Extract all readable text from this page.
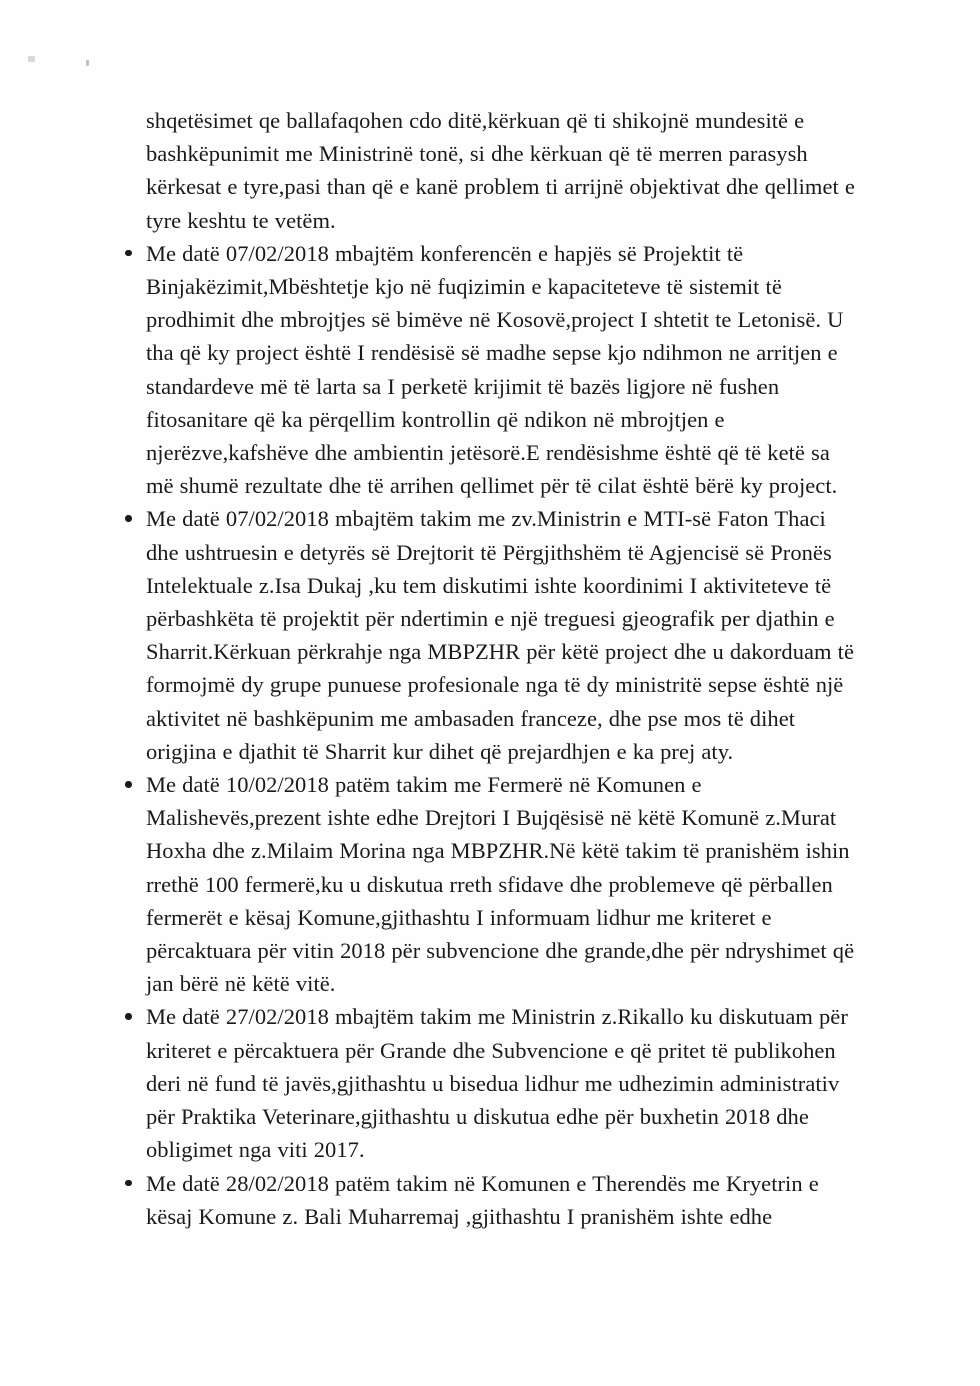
shqetësimet qe ballafaqohen cdo ditë,kërkuan që ti shikojnë mundesitë e bashkëpunimit me Ministrinë tonë, si dhe kërkuan që të merren parasysh kërkesat e tyre,pasi than që e kanë problem ti arrijnë objektivat dhe qellimet e tyre keshtu te vetëm.

Me datë 07/02/2018 mbajtëm konferencën e hapjës së Projektit të Binjakëzimit,Mbështetje kjo në fuqizimin e kapaciteteve të sistemit të prodhimit dhe mbrojtjes së bimëve në Kosovë,project I shtetit te Letonisë. U tha që ky project është I rendësisë së madhe sepse kjo ndihmon ne arritjen e standardeve më të larta sa I perketë krijimit të bazës ligjore në fushen fitosanitare që ka përqellim kontrollin që ndikon në mbrojtjen e njerëzve,kafshëve dhe ambientin jetësorë.E rendësishme është që të ketë sa më shumë rezultate dhe të arrihen qellimet për të cilat është bërë ky project.
Me datë 07/02/2018 mbajtëm takim me zv.Ministrin e MTI-së Faton Thaci dhe ushtruesin e detyrës së Drejtorit të Përgjithshëm të Agjencisë së Pronës Intelektuale z.Isa Dukaj ,ku tem diskutimi ishte koordinimi I aktiviteteve të përbashkëta të projektit për ndertimin e një treguesi gjeografik per djathin e Sharrit.Kërkuan përkrahje nga MBPZHR për këtë project dhe u dakorduam të formojmë dy grupe punuese profesionale nga të dy ministritë sepse është një aktivitet në bashkëpunim me ambasaden franceze, dhe pse mos të dihet origjina e djathit të Sharrit kur dihet që prejardhjen e ka prej aty.
Me datë 10/02/2018 patëm takim me Fermerë në Komunen e Malishevës,prezent ishte edhe Drejtori I Bujqësisë në këtë Komunë z.Murat Hoxha dhe z.Milaim Morina nga MBPZHR.Në këtë takim të pranishëm ishin rrethë 100 fermerë,ku u diskutua rreth sfidave dhe problemeve që përballen fermerët e kësaj Komune,gjithashtu I informuam lidhur me kriteret e përcaktuara për vitin 2018 për subvencione dhe grande,dhe për ndryshimet që jan bërë në këtë vitë.
Me datë 27/02/2018 mbajtëm takim me Ministrin z.Rikallo ku diskutuam për kriteret e përcaktuera për Grande dhe Subvencione e që pritet të publikohen deri në fund të javës,gjithashtu u bisedua lidhur me udhezimin administrativ për Praktika Veterinare,gjithashtu u diskutua edhe për buxhetin 2018 dhe obligimet nga viti 2017.
Me datë 28/02/2018 patëm takim në Komunen e Therendës me Kryetrin e kësaj Komune z. Bali Muharremaj ,gjithashtu I pranishëm ishte edhe
